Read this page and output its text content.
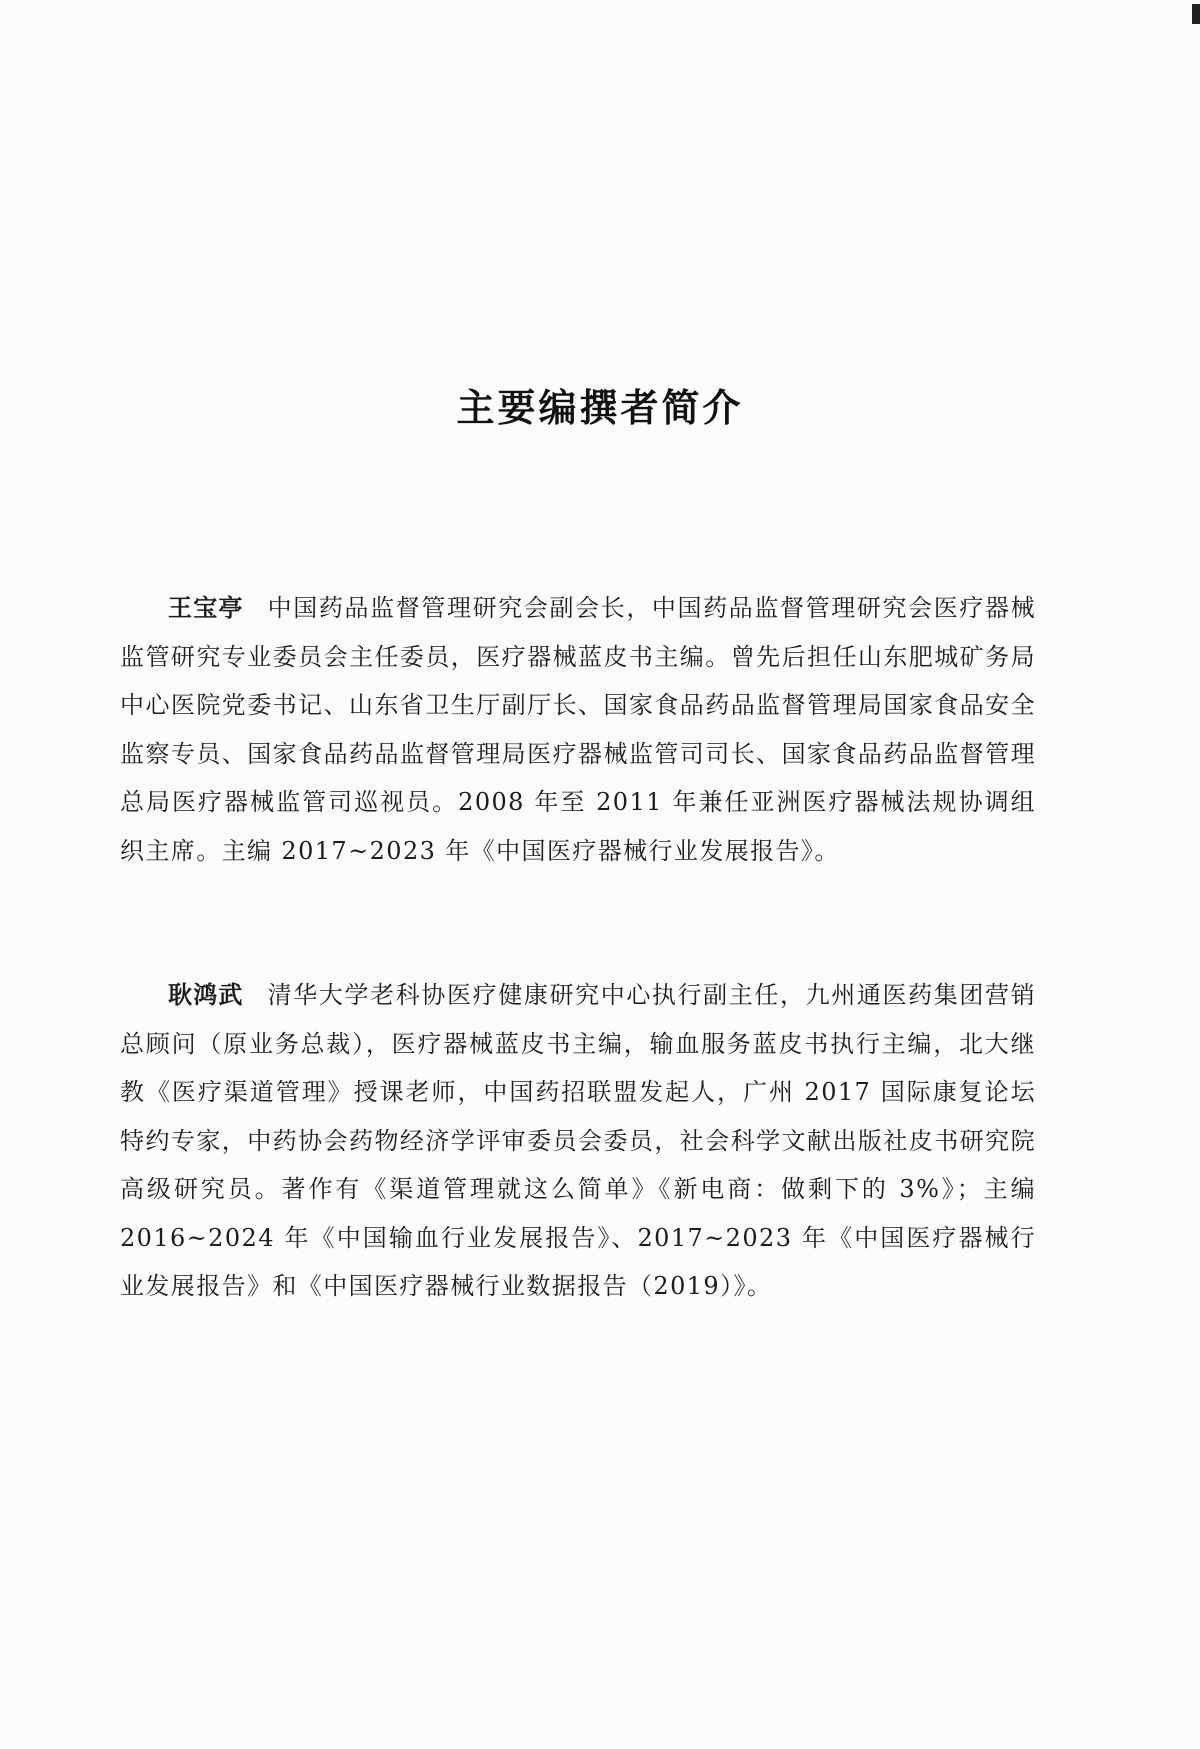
主要编撰者简介

王宝亭 中国药品监督管理研究会副会长，中国药品监督管理研究会医疗器械监管研究专业委员会主任委员，医疗器械蓝皮书主编。曾先后担任山东肥城矿务局中心医院党委书记、山东省卫生厅副厅长、国家食品药品监督管理局国家食品安全监察专员、国家食品药品监督管理局医疗器械监管司司长、国家食品药品监督管理总局医疗器械监管司巡视员。2008 年至 2011 年兼任亚洲医疗器械法规协调组织主席。主编 2017~2023 年《中国医疗器械行业发展报告》。

耿鸿武 清华大学老科协医疗健康研究中心执行副主任，九州通医药集团营销总顾问（原业务总裁），医疗器械蓝皮书主编，输血服务蓝皮书执行主编，北大继教《医疗渠道管理》授课老师，中国药招联盟发起人，广州 2017 国际康复论坛特约专家，中药协会药物经济学评审委员会委员，社会科学文献出版社皮书研究院高级研究员。著作有《渠道管理就这么简单》《新电商：做剩下的 3%》；主编 2016~2024 年《中国输血行业发展报告》、2017~2023 年《中国医疗器械行业发展报告》和《中国医疗器械行业数据报告（2019）》。
